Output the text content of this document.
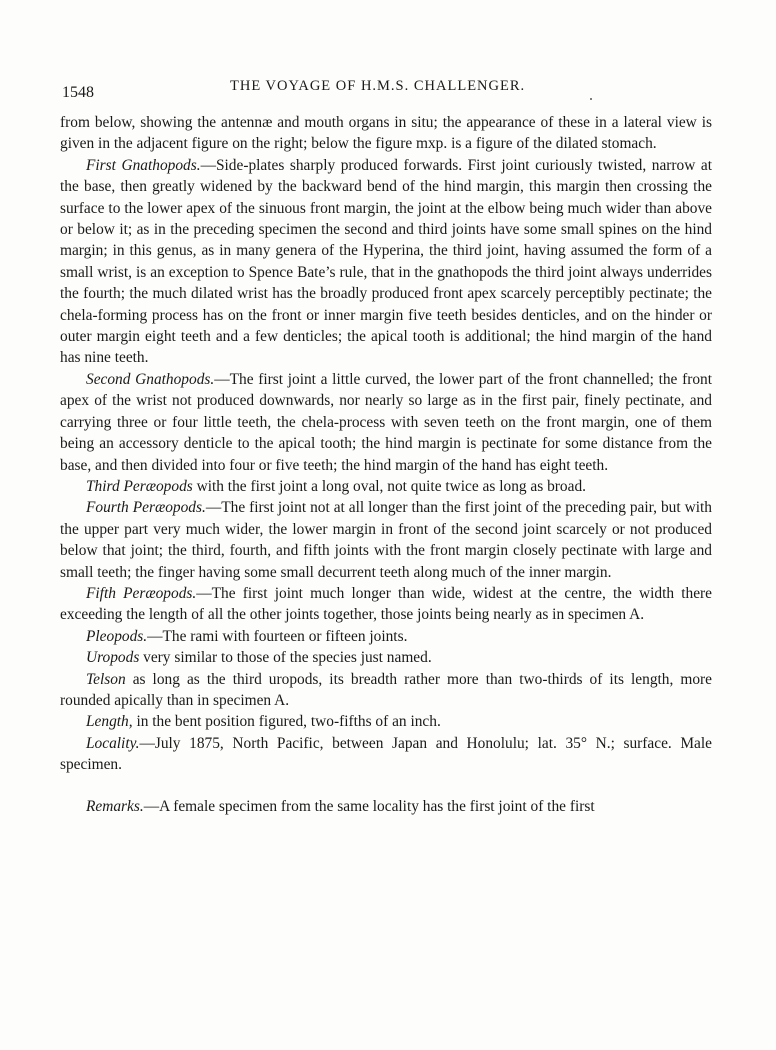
1548	THE VOYAGE OF H.M.S. CHALLENGER.

from below, showing the antennæ and mouth organs in situ; the appearance of these in a lateral view is given in the adjacent figure on the right; below the figure mxp. is a figure of the dilated stomach.

First Gnathopods.—Side-plates sharply produced forwards. First joint curiously twisted, narrow at the base, then greatly widened by the backward bend of the hind margin, this margin then crossing the surface to the lower apex of the sinuous front margin, the joint at the elbow being much wider than above or below it; as in the preceding specimen the second and third joints have some small spines on the hind margin; in this genus, as in many genera of the Hyperina, the third joint, having assumed the form of a small wrist, is an exception to Spence Bate’s rule, that in the gnathopods the third joint always underrides the fourth; the much dilated wrist has the broadly produced front apex scarcely perceptibly pectinate; the chela-forming process has on the front or inner margin five teeth besides denticles, and on the hinder or outer margin eight teeth and a few denticles; the apical tooth is additional; the hind margin of the hand has nine teeth.

Second Gnathopods.—The first joint a little curved, the lower part of the front channelled; the front apex of the wrist not produced downwards, nor nearly so large as in the first pair, finely pectinate, and carrying three or four little teeth, the chela-process with seven teeth on the front margin, one of them being an accessory denticle to the apical tooth; the hind margin is pectinate for some distance from the base, and then divided into four or five teeth; the hind margin of the hand has eight teeth.

Third Peræopods with the first joint a long oval, not quite twice as long as broad.

Fourth Peræopods.—The first joint not at all longer than the first joint of the preceding pair, but with the upper part very much wider, the lower margin in front of the second joint scarcely or not produced below that joint; the third, fourth, and fifth joints with the front margin closely pectinate with large and small teeth; the finger having some small decurrent teeth along much of the inner margin.

Fifth Peræopods.—The first joint much longer than wide, widest at the centre, the width there exceeding the length of all the other joints together, those joints being nearly as in specimen A.

Pleopods.—The rami with fourteen or fifteen joints.

Uropods very similar to those of the species just named.

Telson as long as the third uropods, its breadth rather more than two-thirds of its length, more rounded apically than in specimen A.

Length, in the bent position figured, two-fifths of an inch.

Locality.—July 1875, North Pacific, between Japan and Honolulu; lat. 35° N.; surface. Male specimen.

Remarks.—A female specimen from the same locality has the first joint of the first
